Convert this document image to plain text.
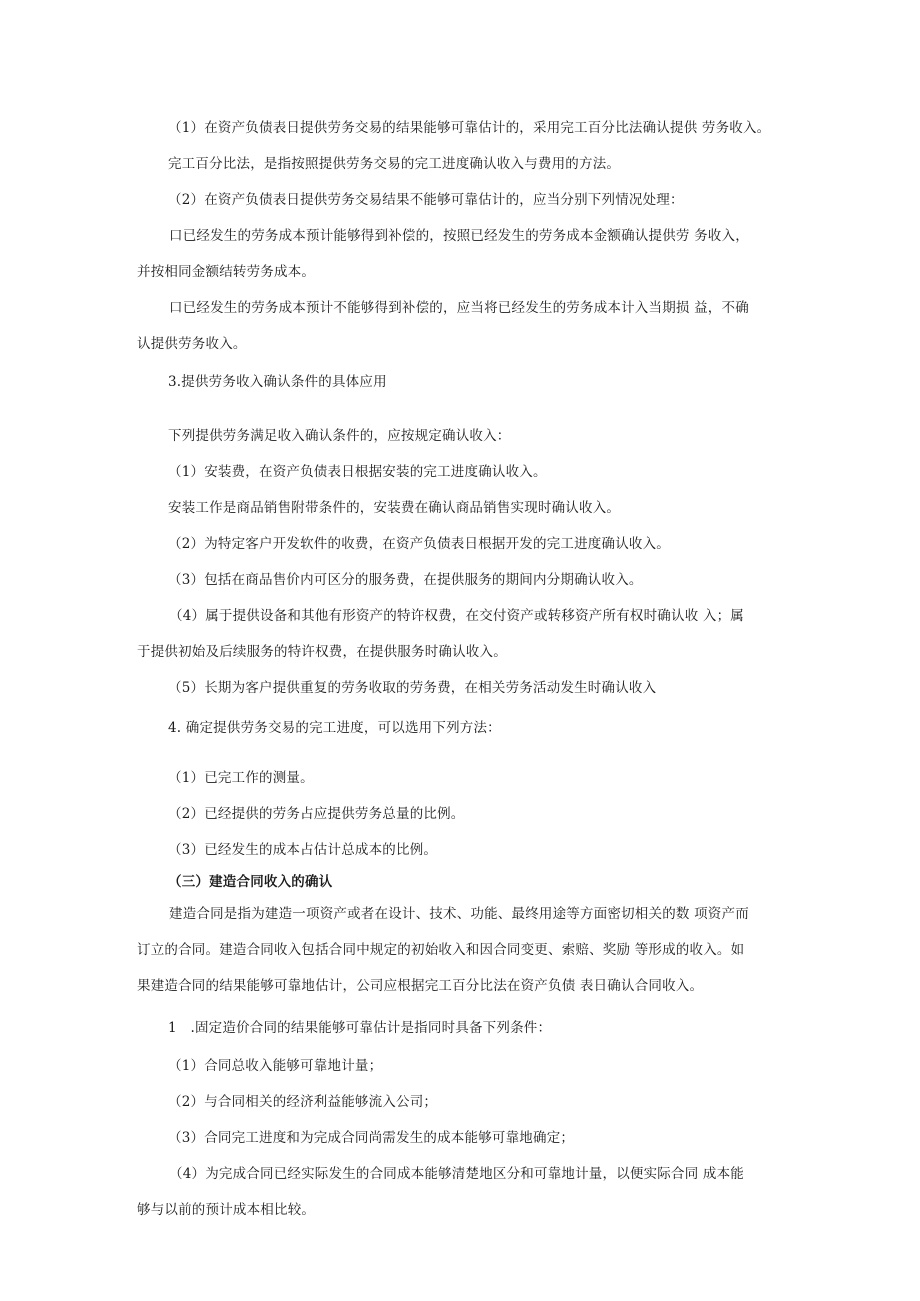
（1）在资产负债表日提供劳务交易的结果能够可靠估计的，采用完工百分比法确认提供 劳务收入。

完工百分比法，是指按照提供劳务交易的完工进度确认收入与费用的方法。

（2）在资产负债表日提供劳务交易结果不能够可靠估计的，应当分别下列情况处理：

口已经发生的劳务成本预计能够得到补偿的，按照已经发生的劳务成本金额确认提供劳 务收入，并按相同金额结转劳务成本。

口已经发生的劳务成本预计不能够得到补偿的，应当将已经发生的劳务成本计入当期损 益，不确认提供劳务收入。

3.提供劳务收入确认条件的具体应用

下列提供劳务满足收入确认条件的，应按规定确认收入：

（1）安装费，在资产负债表日根据安装的完工进度确认收入。

安装工作是商品销售附带条件的，安装费在确认商品销售实现时确认收入。

（2）为特定客户开发软件的收费，在资产负债表日根据开发的完工进度确认收入。

（3）包括在商品售价内可区分的服务费，在提供服务的期间内分期确认收入。

（4）属于提供设备和其他有形资产的特许权费，在交付资产或转移资产所有权时确认收 入；属于提供初始及后续服务的特许权费，在提供服务时确认收入。

（5）长期为客户提供重复的劳务收取的劳务费，在相关劳务活动发生时确认收入

4. 确定提供劳务交易的完工进度，可以选用下列方法：

（1）已完工作的测量。

（2）已经提供的劳务占应提供劳务总量的比例。

（3）已经发生的成本占估计总成本的比例。

（三）建造合同收入的确认

建造合同是指为建造一项资产或者在设计、技术、功能、最终用途等方面密切相关的数 项资产而订立的合同。建造合同收入包括合同中规定的初始收入和因合同变更、索赔、奖励 等形成的收入。如果建造合同的结果能够可靠地估计，公司应根据完工百分比法在资产负债 表日确认合同收入。

1　.固定造价合同的结果能够可靠估计是指同时具备下列条件：

（1）合同总收入能够可靠地计量；

（2）与合同相关的经济利益能够流入公司；

（3）合同完工进度和为完成合同尚需发生的成本能够可靠地确定；

（4）为完成合同已经实际发生的合同成本能够清楚地区分和可靠地计量，以便实际合同 成本能够与以前的预计成本相比较。
